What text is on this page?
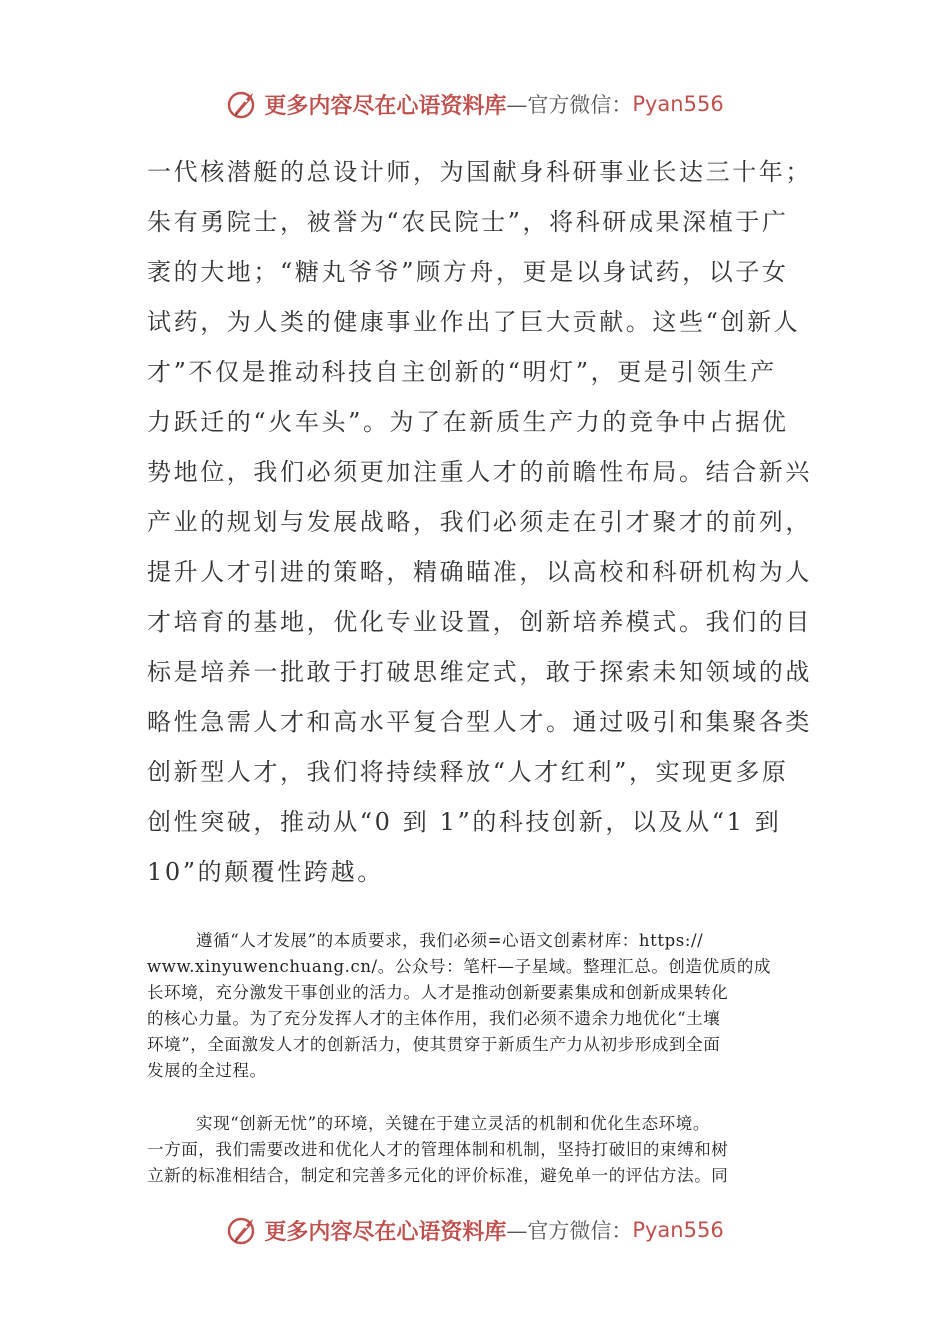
更多内容尽在心语资料库 —官方微信： Pyan556
一代核潜艇的总设计师，为国献身科研事业长达三十年；
朱有勇院士，被誉为“农民院士”，将科研成果深植于广
袤的大地；“糖丸爷爷”顾方舟，更是以身试药，以子女
试药，为人类的健康事业作出了巨大贡献。这些“创新人
才”不仅是推动科技自主创新的“明灯”，更是引领生产
力跃迁的“火车头”。为了在新质生产力的竞争中占据优
势地位，我们必须更加注重人才的前瞻性布局。结合新兴
产业的规划与发展战略，我们必须走在引才聚才的前列，
提升人才引进的策略，精确瞄准，以高校和科研机构为人
才培育的基地，优化专业设置，创新培养模式。我们的目
标是培养一批敢于打破思维定式，敢于探索未知领域的战
略性急需人才和高水平复合型人才。通过吸引和集聚各类
创新型人才，我们将持续释放“人才红利”，实现更多原
创性突破，推动从“0 到 1”的科技创新，以及从“1 到
10”的颠覆性跨越。
遵循“人才发展”的本质要求，我们必须=心语文创素材库：https://
www.xinyuwenchuang.cn/。公众号：笔杆—子星域。整理汇总。创造优质的成
长环境，充分激发干事创业的活力。人才是推动创新要素集成和创新成果转化
的核心力量。为了充分发挥人才的主体作用，我们必须不遗余力地优化“土壤
环境”，全面激发人才的创新活力，使其贯穿于新质生产力从初步形成到全面
发展的全过程。
实现“创新无忧”的环境，关键在于建立灵活的机制和优化生态环境。
一方面，我们需要改进和优化人才的管理体制和机制，坚持打破旧的束缚和树
立新的标准相结合，制定和完善多元化的评价标准，避免单一的评估方法。同
更多内容尽在心语资料库 —官方微信： Pyan556
